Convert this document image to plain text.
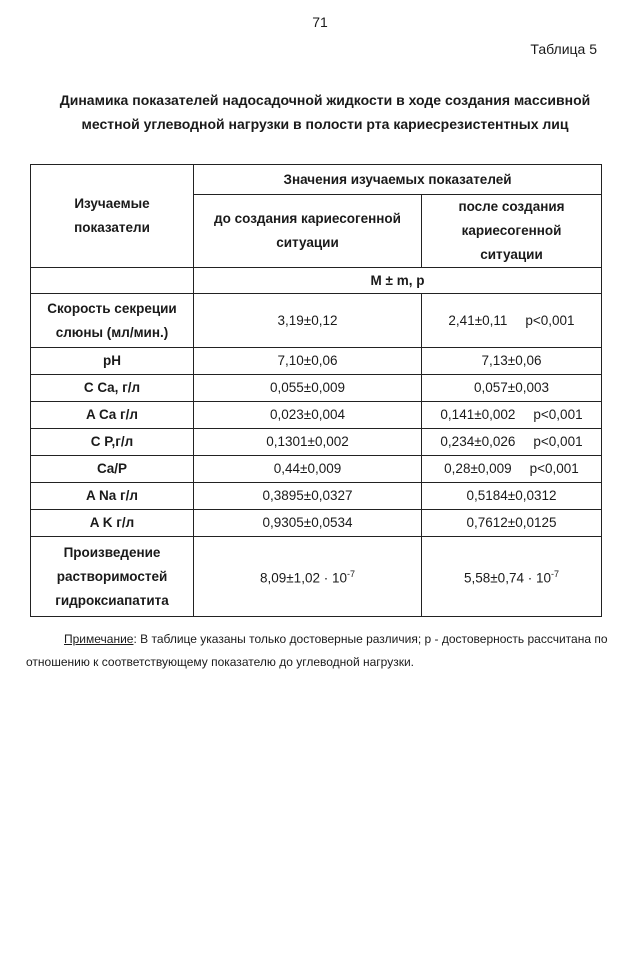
71
Таблица 5
Динамика показателей надосадочной жидкости в ходе создания массивной местной углеводной нагрузки в полости рта кариесрезистентных лиц
Изучаемые показатели	Значения изучаемых показателей	
	до создания кариесогенной ситуации	после создания кариесогенной ситуации
	M ± m, p	
Скорость секреции слюны (мл/мин.)	3,19±0,12	2,41±0,11 p<0,001
pH	7,10±0,06	7,13±0,06
C Ca, г/л	0,055±0,009	0,057±0,003
A Ca г/л	0,023±0,004	0,141±0,002 p<0,001
C P,г/л	0,1301±0,002	0,234±0,026 p<0,001
Ca/P	0,44±0,009	0,28±0,009 p<0,001
A Na г/л	0,3895±0,0327	0,5184±0,0312
A K г/л	0,9305±0,0534	0,7612±0,0125
Произведение растворимостей гидроксиапатита	$8,09\pm 1,02 \cdot 10^{-7}$	$5,58\pm 0,74 \cdot 10^{-7}$
Примечание: В таблице указаны только достоверные различия; p - достоверность рассчитана по отношению к соответствующему показателю до углеводной нагрузки.
